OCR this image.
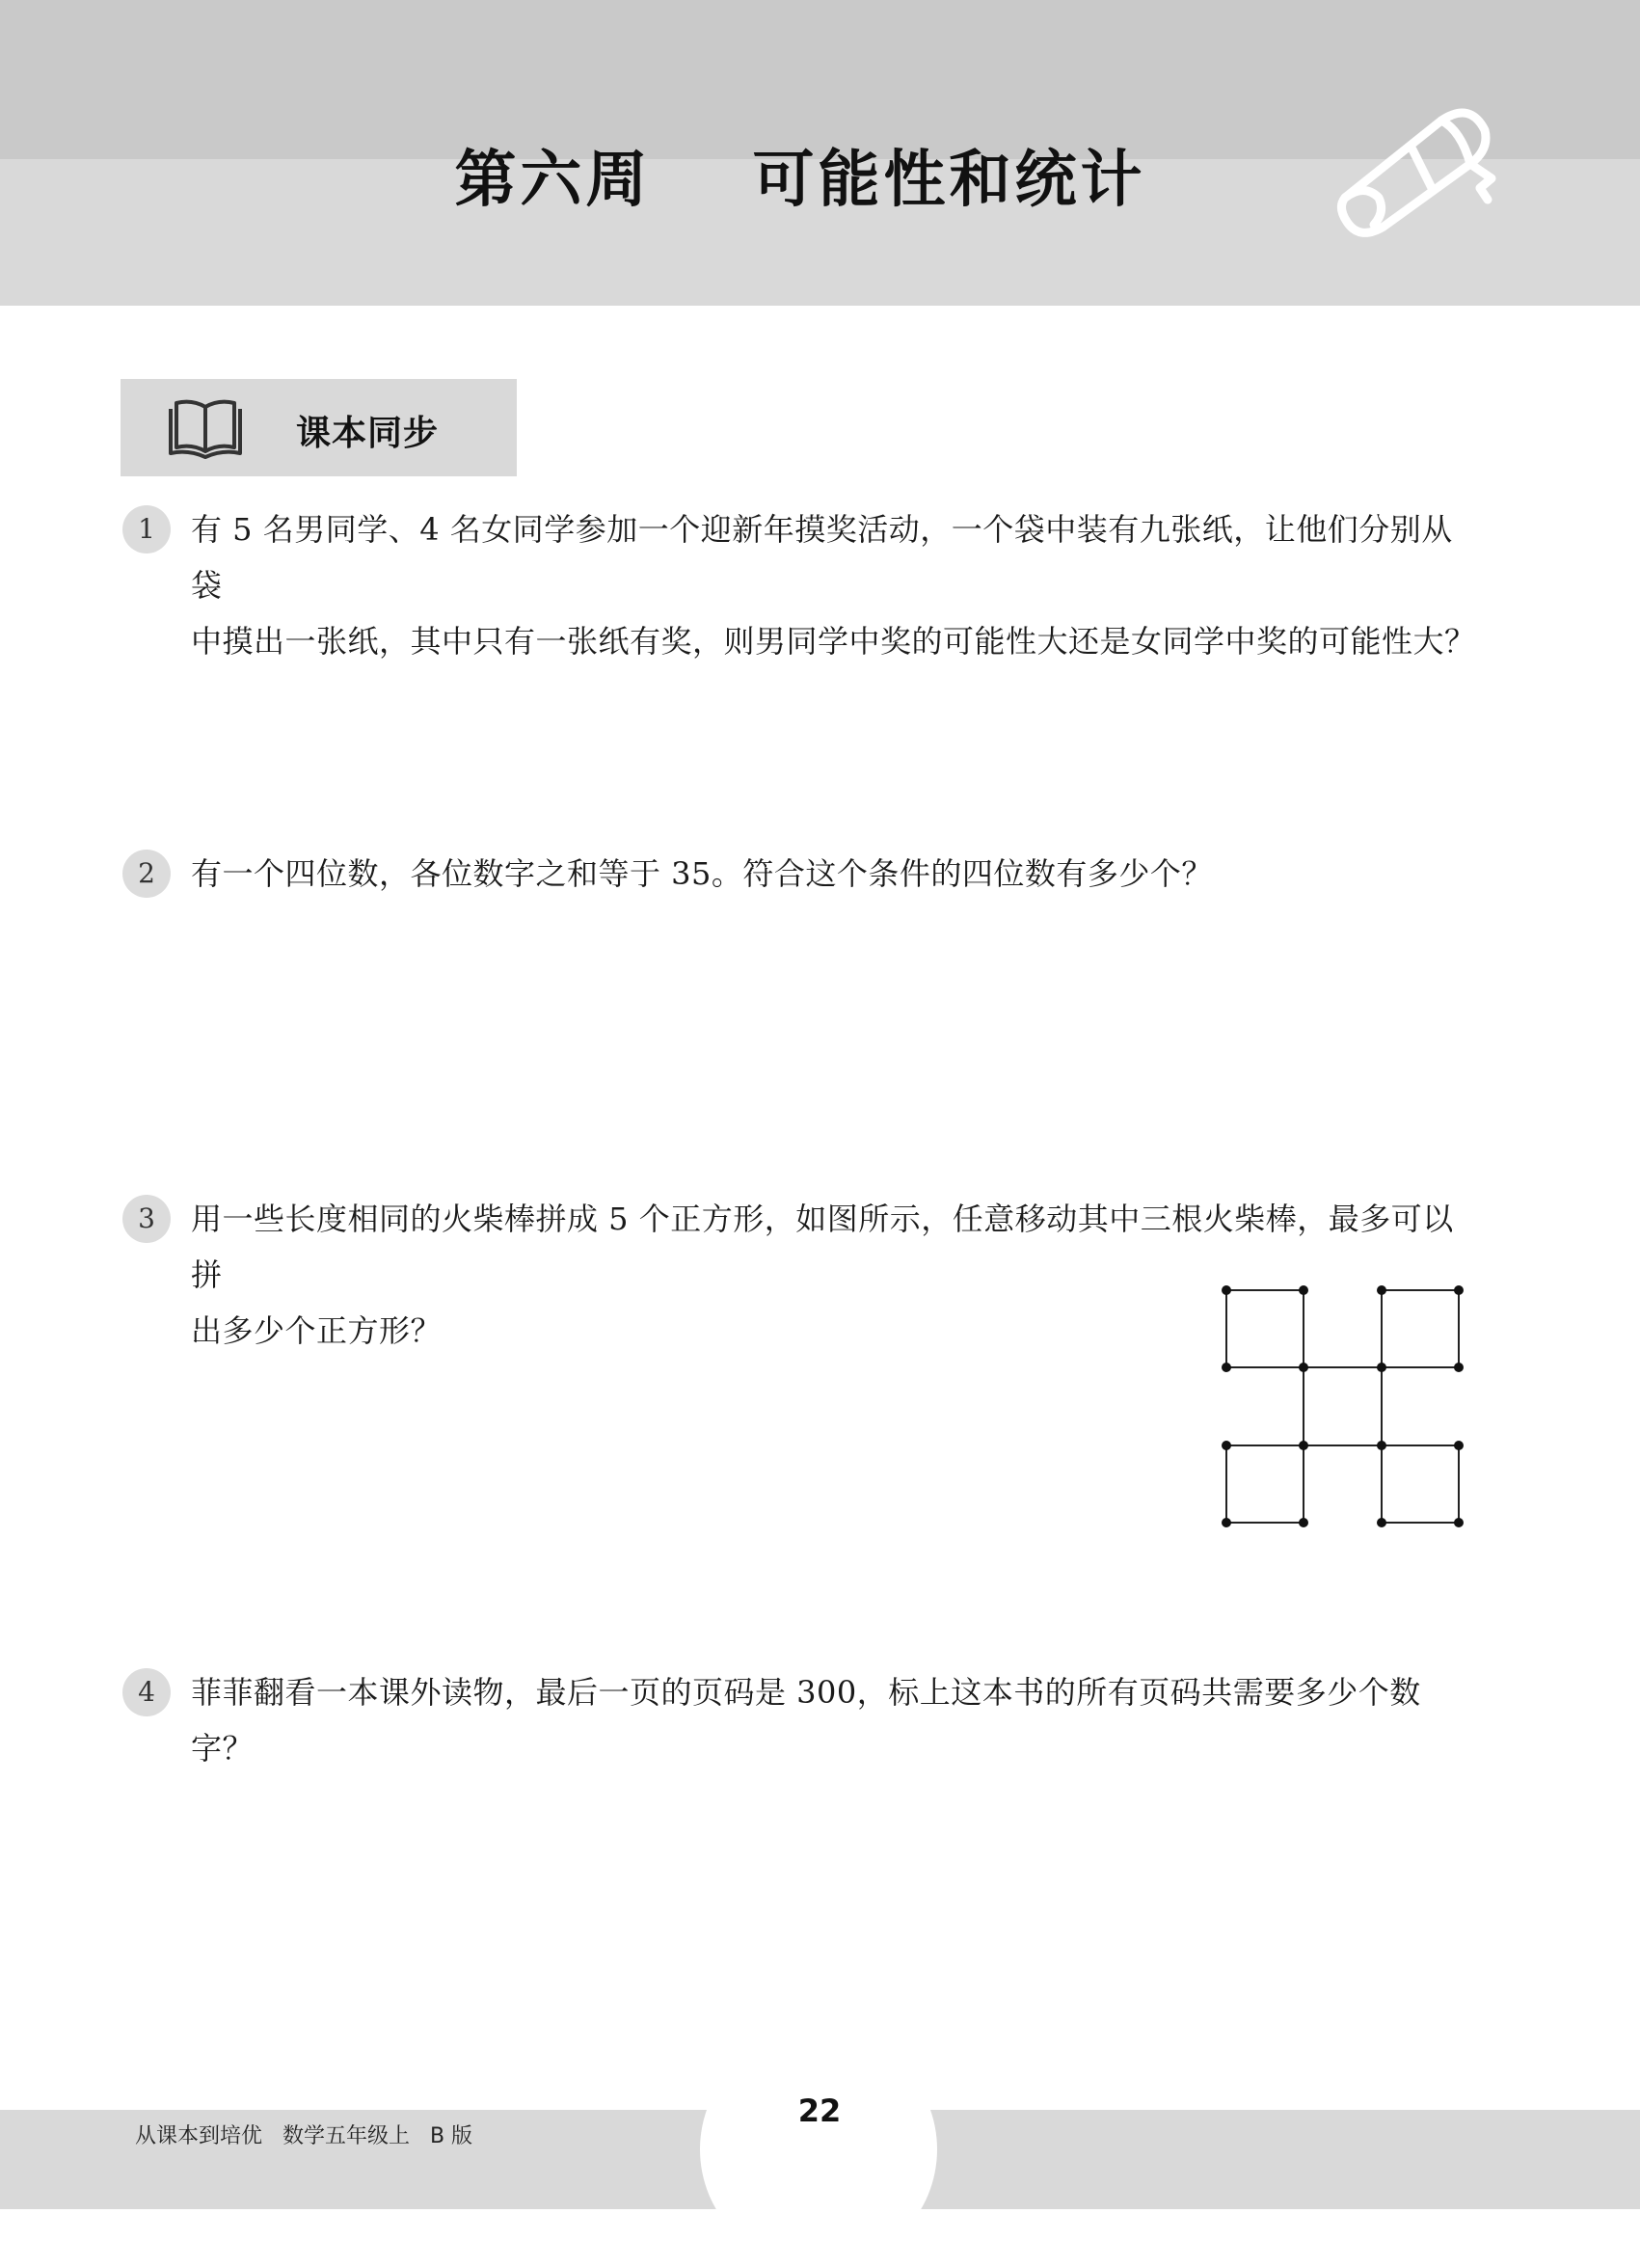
第六周    可能性和统计
课本同步
1	有 5 名男同学、4 名女同学参加一个迎新年摸奖活动，一个袋中装有九张纸，让他们分别从袋
中摸出一张纸，其中只有一张纸有奖，则男同学中奖的可能性大还是女同学中奖的可能性大？
2	有一个四位数，各位数字之和等于 35。符合这个条件的四位数有多少个？
3	用一些长度相同的火柴棒拼成 5 个正方形，如图所示，任意移动其中三根火柴棒，最多可以拼
出多少个正方形？
4	菲菲翻看一本课外读物，最后一页的页码是 300，标上这本书的所有页码共需要多少个数字？
从课本到培优   数学五年级上   B 版
22
